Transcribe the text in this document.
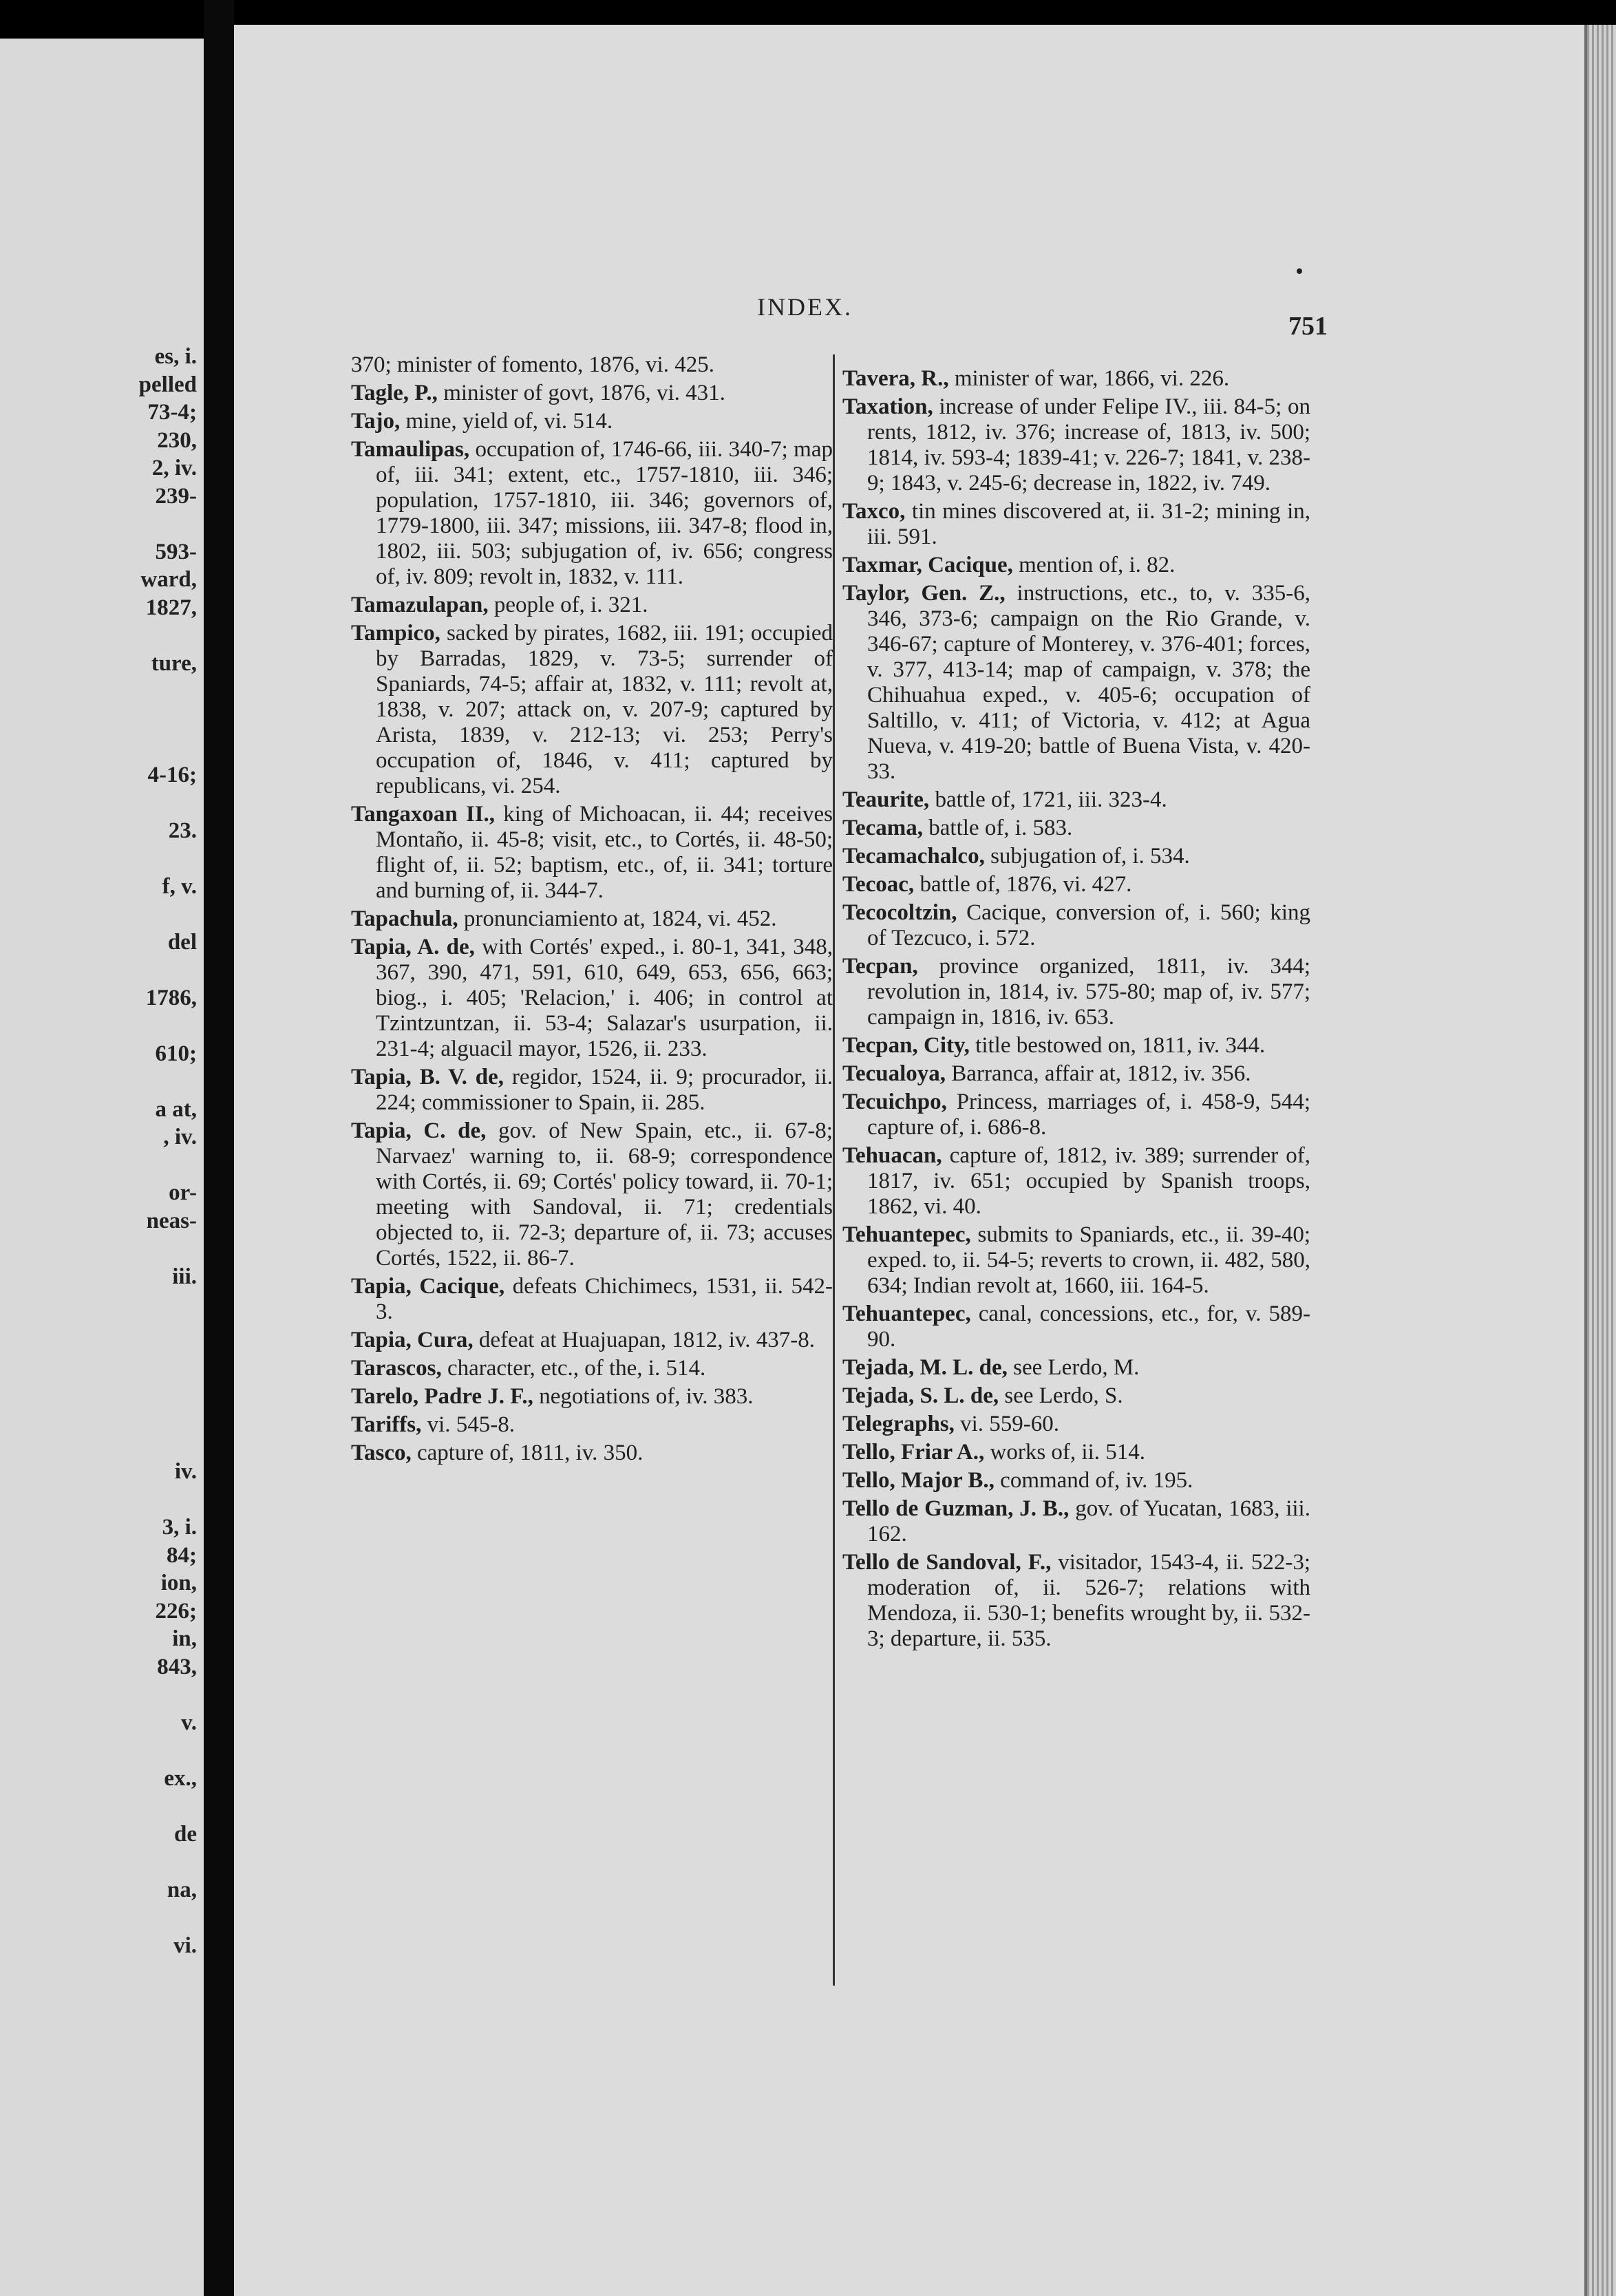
es, i.
pelled
73-4;
230,
2, iv.
239-
593-
ward,
1827,
ture,
4-16;
23.
f, v.
del
1786,
610;
a at,
, iv.
or-
neas-
iii.
iv.
3, i.
84;
ion,
226;
in,
843,
v.
ex.,
de
na,
vi.
INDEX.
751

370; minister of fomento, 1876, vi. 425.

Tagle, P., minister of govt, 1876, vi. 431.

Tajo, mine, yield of, vi. 514.

Tamaulipas, occupation of, 1746-66, iii. 340-7; map of, iii. 341; extent, etc., 1757-1810, iii. 346; population, 1757-1810, iii. 346; governors of, 1779-1800, iii. 347; missions, iii. 347-8; flood in, 1802, iii. 503; subjugation of, iv. 656; congress of, iv. 809; revolt in, 1832, v. 111.

Tamazulapan, people of, i. 321.

Tampico, sacked by pirates, 1682, iii. 191; occupied by Barradas, 1829, v. 73-5; surrender of Spaniards, 74-5; affair at, 1832, v. 111; revolt at, 1838, v. 207; attack on, v. 207-9; captured by Arista, 1839, v. 212-13; vi. 253; Perry's occupation of, 1846, v. 411; captured by republicans, vi. 254.

Tangaxoan II., king of Michoacan, ii. 44; receives Montaño, ii. 45-8; visit, etc., to Cortés, ii. 48-50; flight of, ii. 52; baptism, etc., of, ii. 341; torture and burning of, ii. 344-7.

Tapachula, pronunciamiento at, 1824, vi. 452.

Tapia, A. de, with Cortés' exped., i. 80-1, 341, 348, 367, 390, 471, 591, 610, 649, 653, 656, 663; biog., i. 405; 'Relacion,' i. 406; in control at Tzintzuntzan, ii. 53-4; Salazar's usurpation, ii. 231-4; alguacil mayor, 1526, ii. 233.

Tapia, B. V. de, regidor, 1524, ii. 9; procurador, ii. 224; commissioner to Spain, ii. 285.

Tapia, C. de, gov. of New Spain, etc., ii. 67-8; Narvaez' warning to, ii. 68-9; correspondence with Cortés, ii. 69; Cortés' policy toward, ii. 70-1; meeting with Sandoval, ii. 71; credentials objected to, ii. 72-3; departure of, ii. 73; accuses Cortés, 1522, ii. 86-7.

Tapia, Cacique, defeats Chichimecs, 1531, ii. 542-3.

Tapia, Cura, defeat at Huajuapan, 1812, iv. 437-8.

Tarascos, character, etc., of the, i. 514.

Tarelo, Padre J. F., negotiations of, iv. 383.

Tariffs, vi. 545-8.

Tasco, capture of, 1811, iv. 350.

Tavera, R., minister of war, 1866, vi. 226.

Taxation, increase of under Felipe IV., iii. 84-5; on rents, 1812, iv. 376; increase of, 1813, iv. 500; 1814, iv. 593-4; 1839-41; v. 226-7; 1841, v. 238-9; 1843, v. 245-6; decrease in, 1822, iv. 749.

Taxco, tin mines discovered at, ii. 31-2; mining in, iii. 591.

Taxmar, Cacique, mention of, i. 82.

Taylor, Gen. Z., instructions, etc., to, v. 335-6, 346, 373-6; campaign on the Rio Grande, v. 346-67; capture of Monterey, v. 376-401; forces, v. 377, 413-14; map of campaign, v. 378; the Chihuahua exped., v. 405-6; occupation of Saltillo, v. 411; of Victoria, v. 412; at Agua Nueva, v. 419-20; battle of Buena Vista, v. 420-33.

Teaurite, battle of, 1721, iii. 323-4.

Tecama, battle of, i. 583.

Tecamachalco, subjugation of, i. 534.

Tecoac, battle of, 1876, vi. 427.

Tecocoltzin, Cacique, conversion of, i. 560; king of Tezcuco, i. 572.

Tecpan, province organized, 1811, iv. 344; revolution in, 1814, iv. 575-80; map of, iv. 577; campaign in, 1816, iv. 653.

Tecpan, City, title bestowed on, 1811, iv. 344.

Tecualoya, Barranca, affair at, 1812, iv. 356.

Tecuichpo, Princess, marriages of, i. 458-9, 544; capture of, i. 686-8.

Tehuacan, capture of, 1812, iv. 389; surrender of, 1817, iv. 651; occupied by Spanish troops, 1862, vi. 40.

Tehuantepec, submits to Spaniards, etc., ii. 39-40; exped. to, ii. 54-5; reverts to crown, ii. 482, 580, 634; Indian revolt at, 1660, iii. 164-5.

Tehuantepec, canal, concessions, etc., for, v. 589-90.

Tejada, M. L. de, see Lerdo, M.

Tejada, S. L. de, see Lerdo, S.

Telegraphs, vi. 559-60.

Tello, Friar A., works of, ii. 514.

Tello, Major B., command of, iv. 195.

Tello de Guzman, J. B., gov. of Yucatan, 1683, iii. 162.

Tello de Sandoval, F., visitador, 1543-4, ii. 522-3; moderation of, ii. 526-7; relations with Mendoza, ii. 530-1; benefits wrought by, ii. 532-3; departure, ii. 535.
